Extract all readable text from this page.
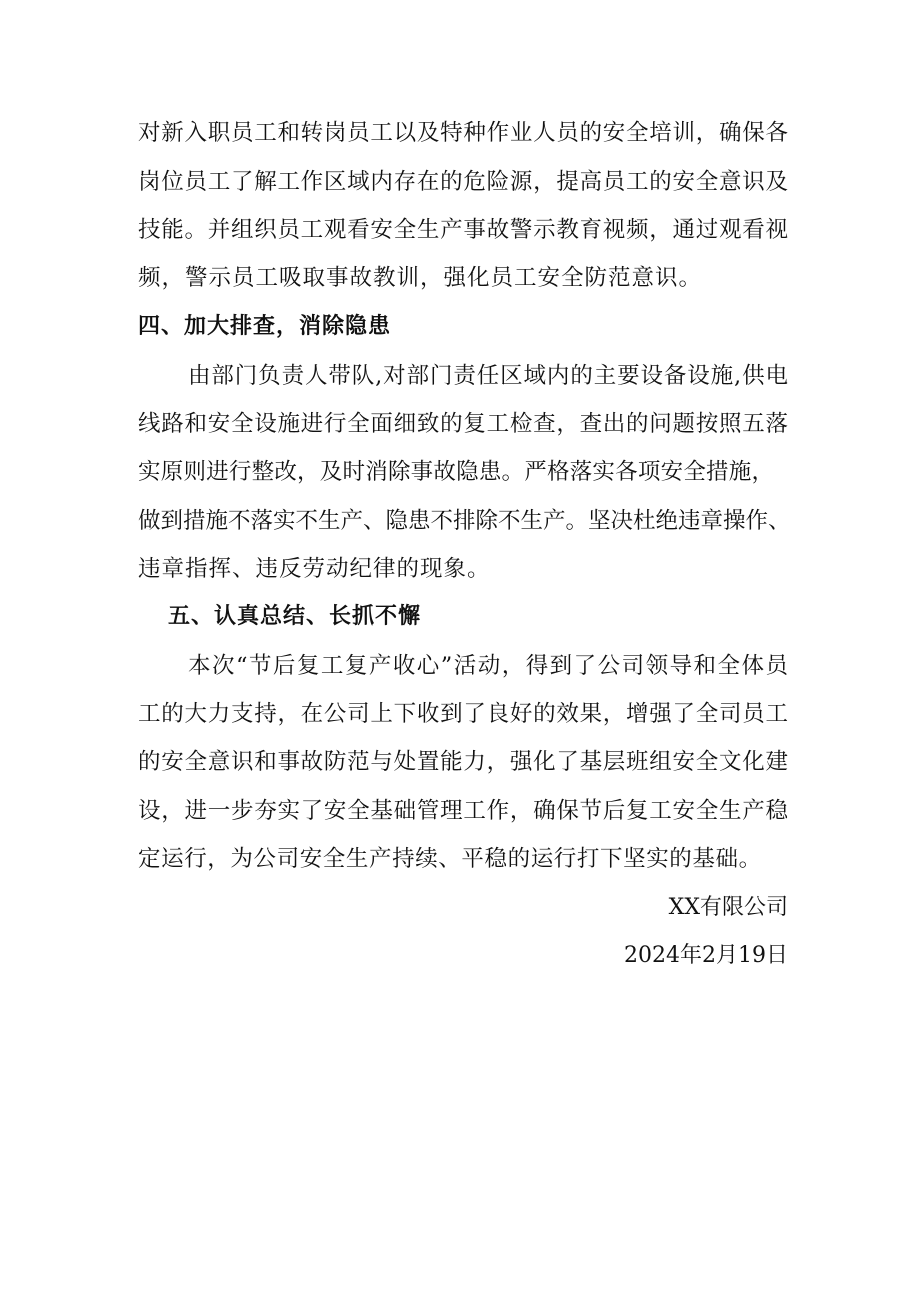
对新入职员工和转岗员工以及特种作业人员的安全培训，确保各
岗位员工了解工作区域内存在的危险源，提高员工的安全意识及
技能。并组织员工观看安全生产事故警示教育视频，通过观看视
频，警示员工吸取事故教训，强化员工安全防范意识。
四、加大排查，消除隐患
由部门负责人带队,对部门责任区域内的主要设备设施,供电
线路和安全设施进行全面细致的复工检查，查出的问题按照五落
实原则进行整改，及时消除事故隐患。严格落实各项安全措施，
做到措施不落实不生产、隐患不排除不生产。坚决杜绝违章操作、
违章指挥、违反劳动纪律的现象。
五、认真总结、长抓不懈
本次“节后复工复产收心”活动，得到了公司领导和全体员
工的大力支持，在公司上下收到了良好的效果，增强了全司员工
的安全意识和事故防范与处置能力，强化了基层班组安全文化建
设，进一步夯实了安全基础管理工作，确保节后复工安全生产稳
定运行，为公司安全生产持续、平稳的运行打下坚实的基础。
XX有限公司
2024年2月19日
